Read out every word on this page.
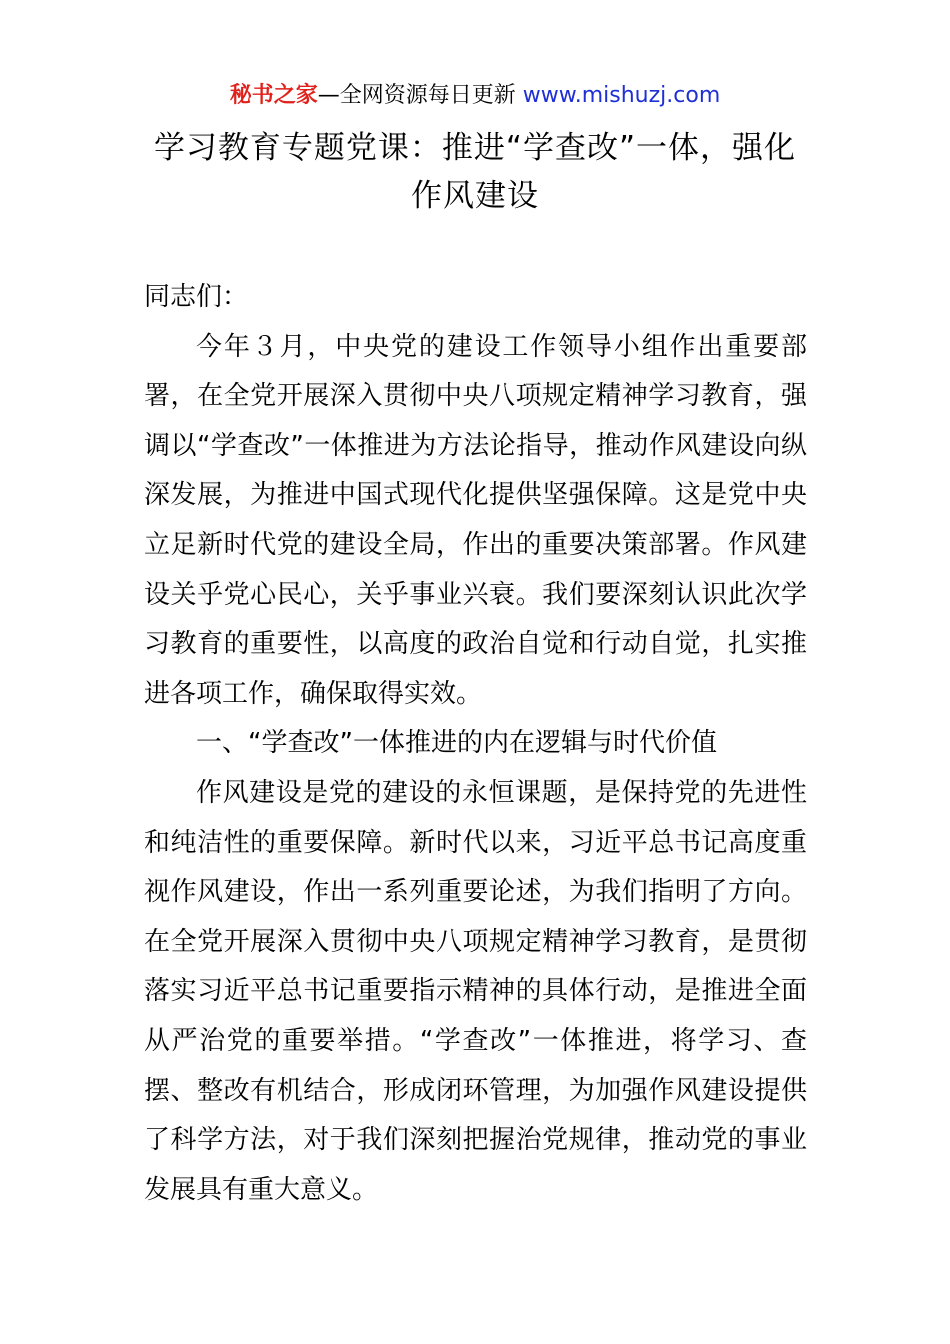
秘书之家—全网资源每日更新 www.mishuzj.com
学习教育专题党课：推进“学查改”一体，强化作风建设

同志们：

今年３月，中央党的建设工作领导小组作出重要部署，在全党开展深入贯彻中央八项规定精神学习教育，强调以“学查改”一体推进为方法论指导，推动作风建设向纵深发展，为推进中国式现代化提供坚强保障。这是党中央立足新时代党的建设全局，作出的重要决策部署。作风建设关乎党心民心，关乎事业兴衰。我们要深刻认识此次学习教育的重要性，以高度的政治自觉和行动自觉，扎实推进各项工作，确保取得实效。

一、“学查改”一体推进的内在逻辑与时代价值

作风建设是党的建设的永恒课题，是保持党的先进性和纯洁性的重要保障。新时代以来，习近平总书记高度重视作风建设，作出一系列重要论述，为我们指明了方向。在全党开展深入贯彻中央八项规定精神学习教育，是贯彻落实习近平总书记重要指示精神的具体行动，是推进全面从严治党的重要举措。“学查改”一体推进，将学习、查摆、整改有机结合，形成闭环管理，为加强作风建设提供了科学方法，对于我们深刻把握治党规律，推动党的事业发展具有重大意义。
